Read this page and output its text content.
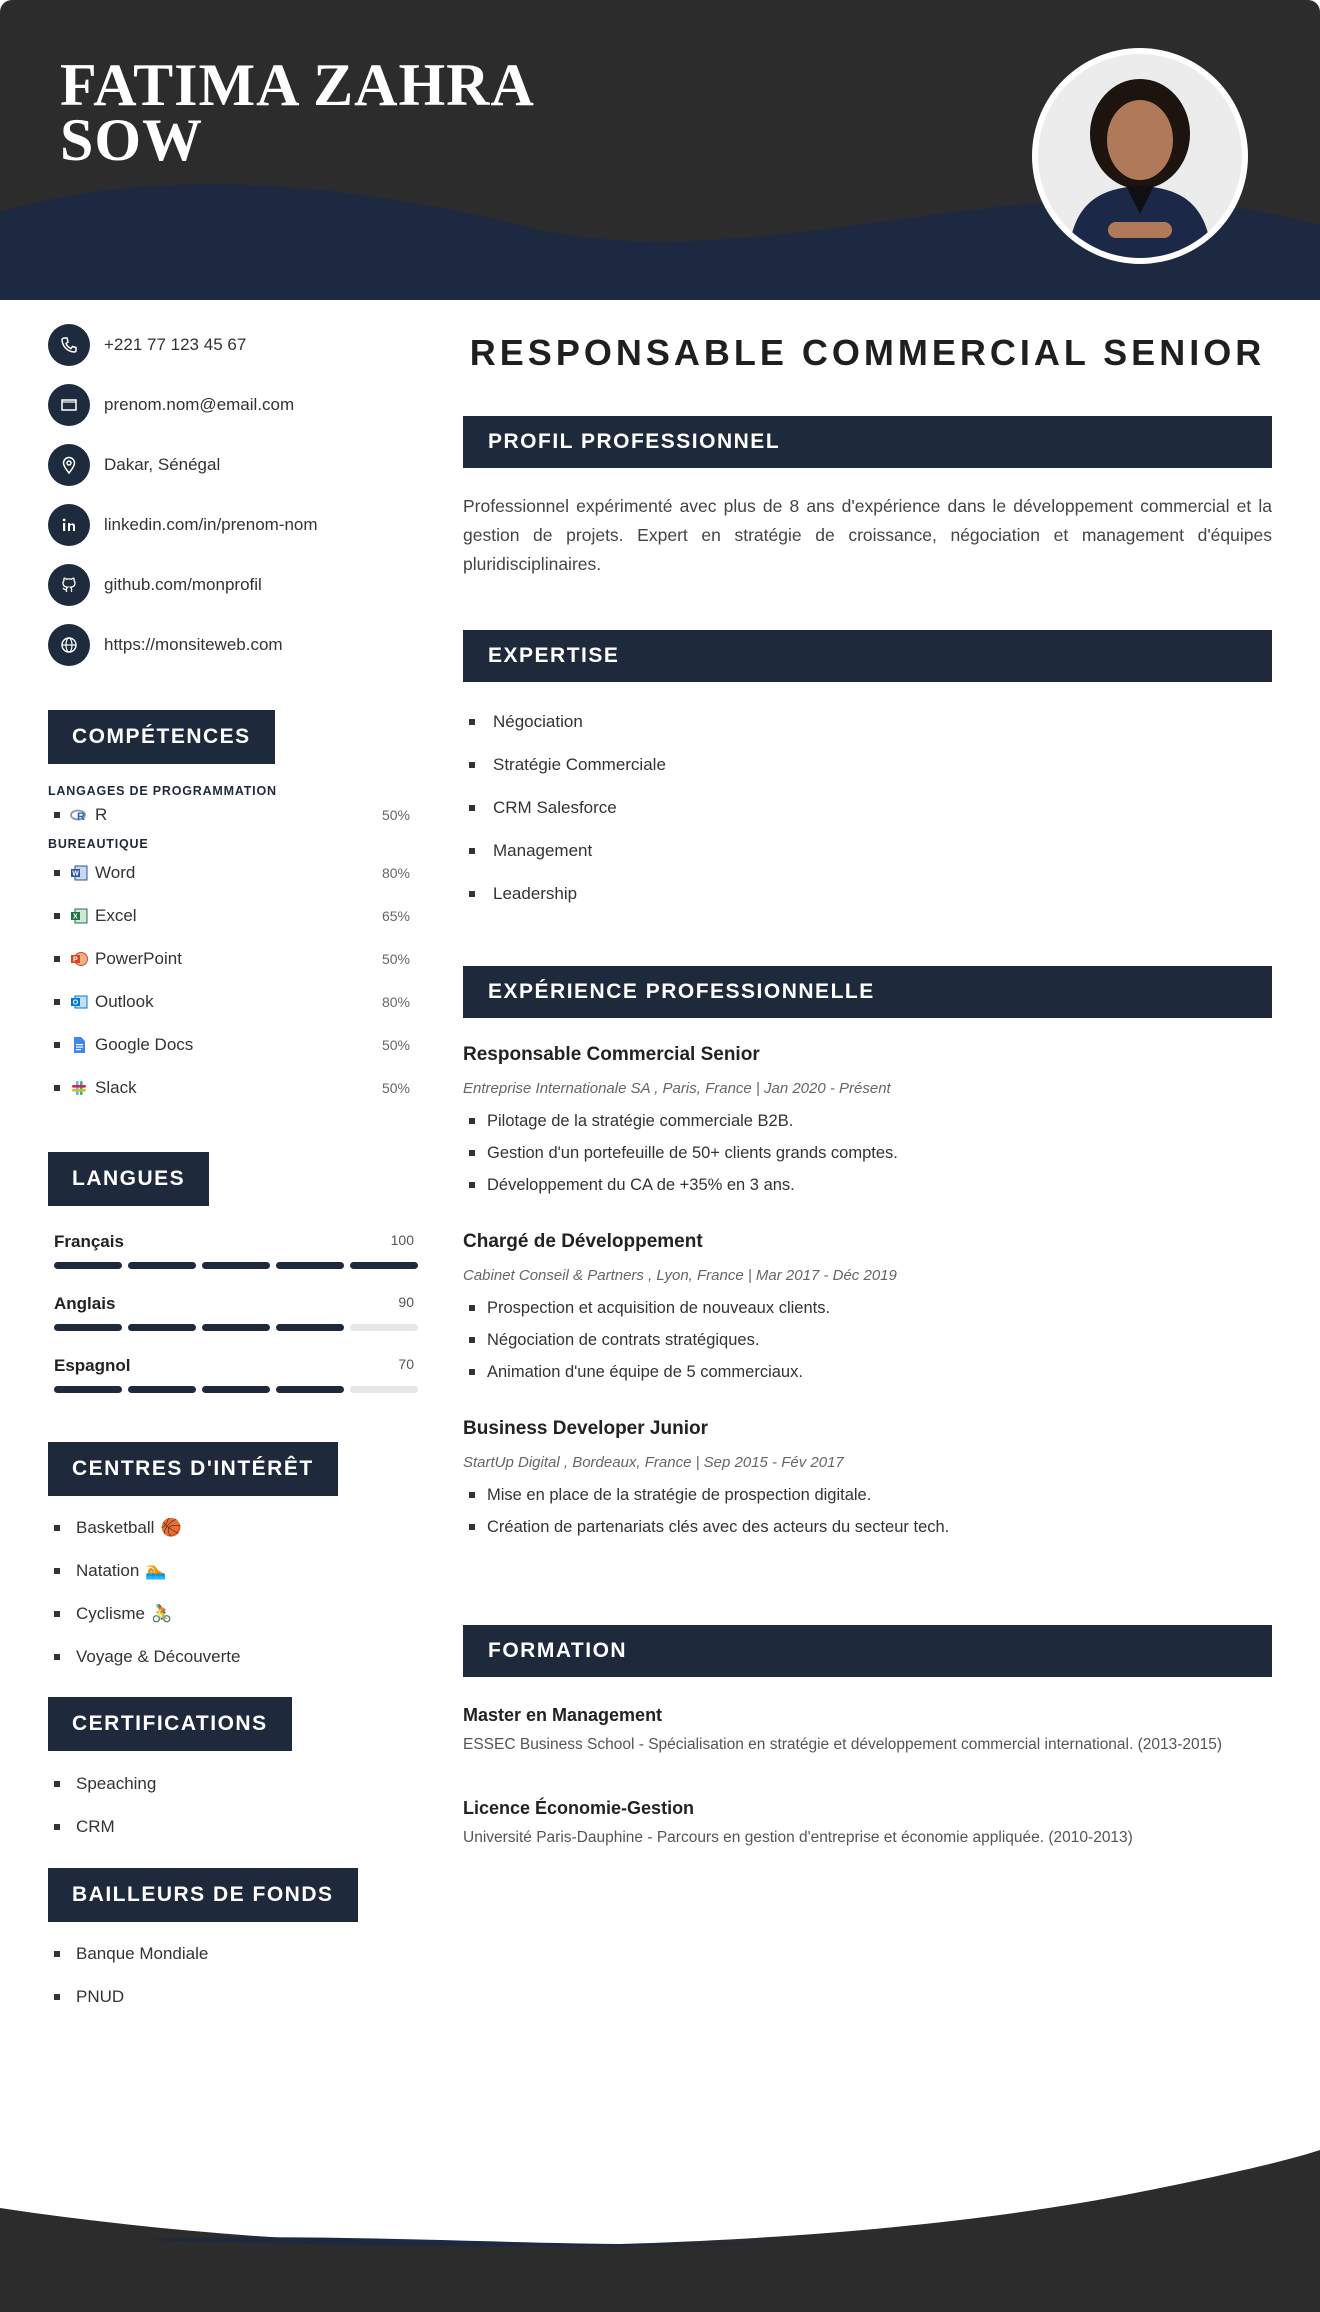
FATIMA ZAHRA
SOW
+221 77 123 45 67
prenom.nom@email.com
Dakar, Sénégal
linkedin.com/in/prenom-nom
github.com/monprofil
https://monsiteweb.com
COMPÉTENCES
LANGAGES DE PROGRAMMATION
R R	50%
BUREAUTIQUE
W Word	80%
X Excel	65%
P PowerPoint	50%
O Outlook	80%
Google Docs	50%
Slack	50%
LANGUES
Français	100
Anglais	90
Espagnol	70
CENTRES D'INTÉRÊT
Basketball 🏀
Natation 🏊
Cyclisme 🚴
Voyage & Découverte
CERTIFICATIONS
Speaching
CRM
BAILLEURS DE FONDS
Banque Mondiale
PNUD
RESPONSABLE COMMERCIAL SENIOR
PROFIL PROFESSIONNEL
Professionnel expérimenté avec plus de 8 ans d'expérience dans le développement commercial et la gestion de projets. Expert en stratégie de croissance, négociation et management d'équipes pluridisciplinaires.
EXPERTISE
Négociation
Stratégie Commerciale
CRM Salesforce
Management
Leadership
EXPÉRIENCE PROFESSIONNELLE
Responsable Commercial Senior
Entreprise Internationale SA , Paris, France | Jan 2020 - Présent
Pilotage de la stratégie commerciale B2B.
Gestion d'un portefeuille de 50+ clients grands comptes.
Développement du CA de +35% en 3 ans.
Chargé de Développement
Cabinet Conseil & Partners , Lyon, France | Mar 2017 - Déc 2019
Prospection et acquisition de nouveaux clients.
Négociation de contrats stratégiques.
Animation d'une équipe de 5 commerciaux.
Business Developer Junior
StartUp Digital , Bordeaux, France | Sep 2015 - Fév 2017
Mise en place de la stratégie de prospection digitale.
Création de partenariats clés avec des acteurs du secteur tech.
FORMATION
Master en Management
ESSEC Business School - Spécialisation en stratégie et développement commercial international. (2013-2015)
Licence Économie-Gestion
Université Paris-Dauphine - Parcours en gestion d'entreprise et économie appliquée. (2010-2013)
